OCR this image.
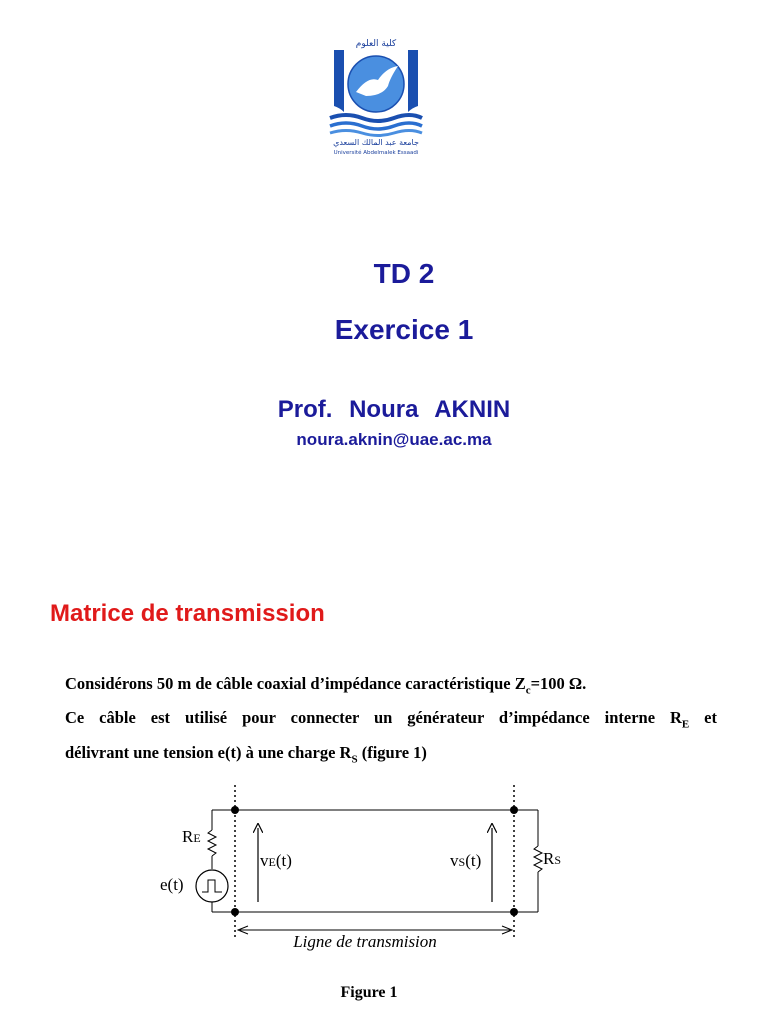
كلية العلوم
جامعة عبد المالك السعدي
Université Abdelmalek Essaadi
TD 2
Exercice 1
Prof. Noura AKNIN
noura.aknin@uae.ac.ma
Matrice de transmission
Considérons 50 m de câble coaxial d’impédance caractéristique $Z_c=100$ Ω.
Ce câble est utilisé pour connecter un générateur d’impédance interne $R_E$ et
délivrant une tension e(t) à une charge $R_S$ (figure 1)
RE
e(t)
vE(t)	vS(t)	RS
Ligne de transmision
Figure 1
